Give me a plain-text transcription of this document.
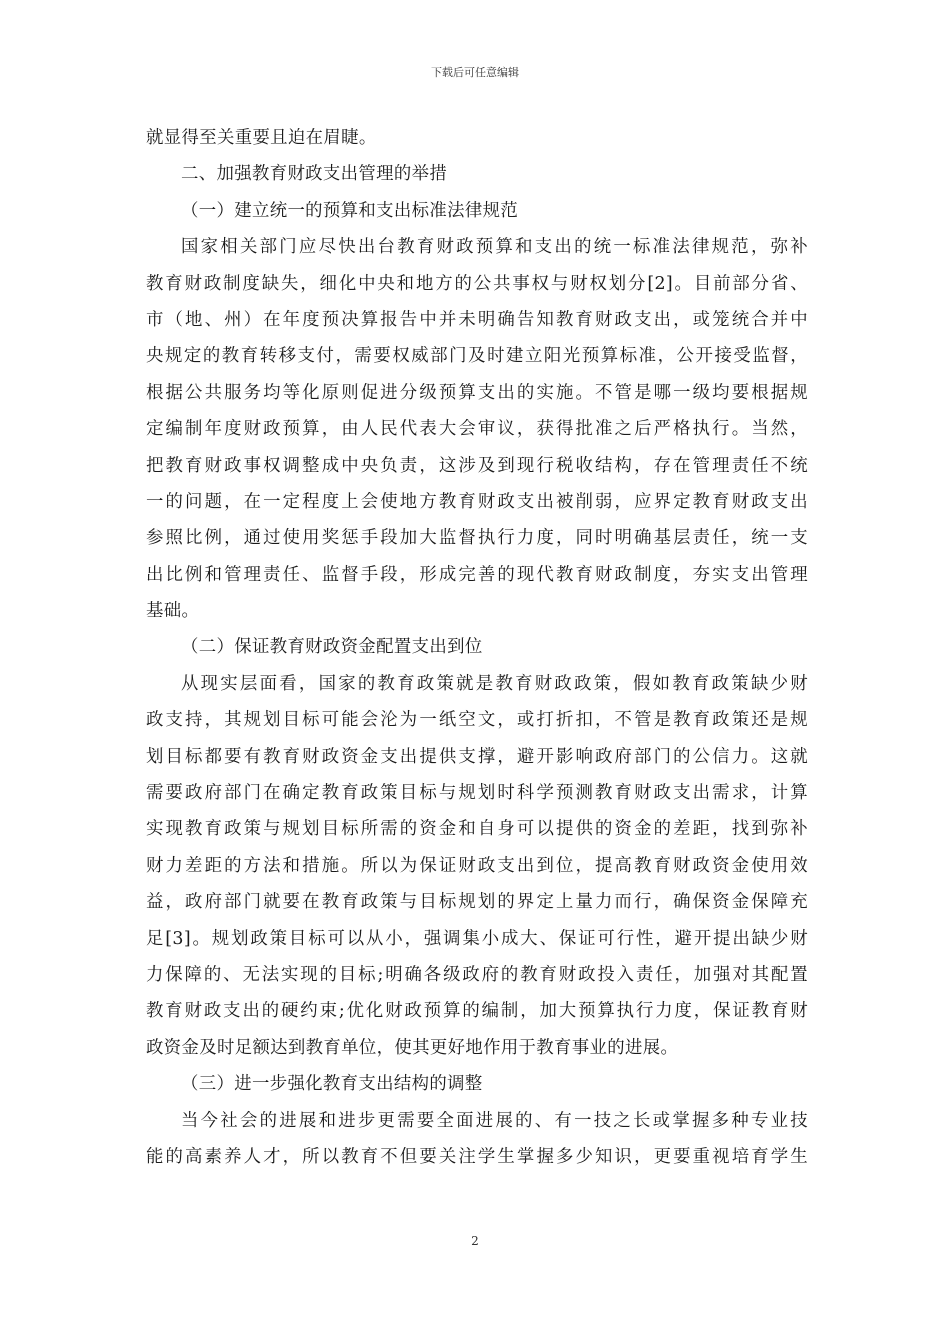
下载后可任意编辑
就显得至关重要且迫在眉睫。
二、加强教育财政支出管理的举措
（一）建立统一的预算和支出标准法律规范
国家相关部门应尽快出台教育财政预算和支出的统一标准法律规范，弥补
教育财政制度缺失，细化中央和地方的公共事权与财权划分[2]。目前部分省、
市（地、州）在年度预决算报告中并未明确告知教育财政支出，或笼统合并中
央规定的教育转移支付，需要权威部门及时建立阳光预算标准，公开接受监督，
根据公共服务均等化原则促进分级预算支出的实施。不管是哪一级均要根据规
定编制年度财政预算，由人民代表大会审议，获得批准之后严格执行。当然，
把教育财政事权调整成中央负责，这涉及到现行税收结构，存在管理责任不统
一的问题，在一定程度上会使地方教育财政支出被削弱，应界定教育财政支出
参照比例，通过使用奖惩手段加大监督执行力度，同时明确基层责任，统一支
出比例和管理责任、监督手段，形成完善的现代教育财政制度，夯实支出管理
基础。
（二）保证教育财政资金配置支出到位
从现实层面看，国家的教育政策就是教育财政政策，假如教育政策缺少财
政支持，其规划目标可能会沦为一纸空文，或打折扣，不管是教育政策还是规
划目标都要有教育财政资金支出提供支撑，避开影响政府部门的公信力。这就
需要政府部门在确定教育政策目标与规划时科学预测教育财政支出需求，计算
实现教育政策与规划目标所需的资金和自身可以提供的资金的差距，找到弥补
财力差距的方法和措施。所以为保证财政支出到位，提高教育财政资金使用效
益，政府部门就要在教育政策与目标规划的界定上量力而行，确保资金保障充
足[3]。规划政策目标可以从小，强调集小成大、保证可行性，避开提出缺少财
力保障的、无法实现的目标;明确各级政府的教育财政投入责任，加强对其配置
教育财政支出的硬约束;优化财政预算的编制，加大预算执行力度，保证教育财
政资金及时足额达到教育单位，使其更好地作用于教育事业的进展。
（三）进一步强化教育支出结构的调整
当今社会的进展和进步更需要全面进展的、有一技之长或掌握多种专业技
能的高素养人才，所以教育不但要关注学生掌握多少知识，更要重视培育学生
2
